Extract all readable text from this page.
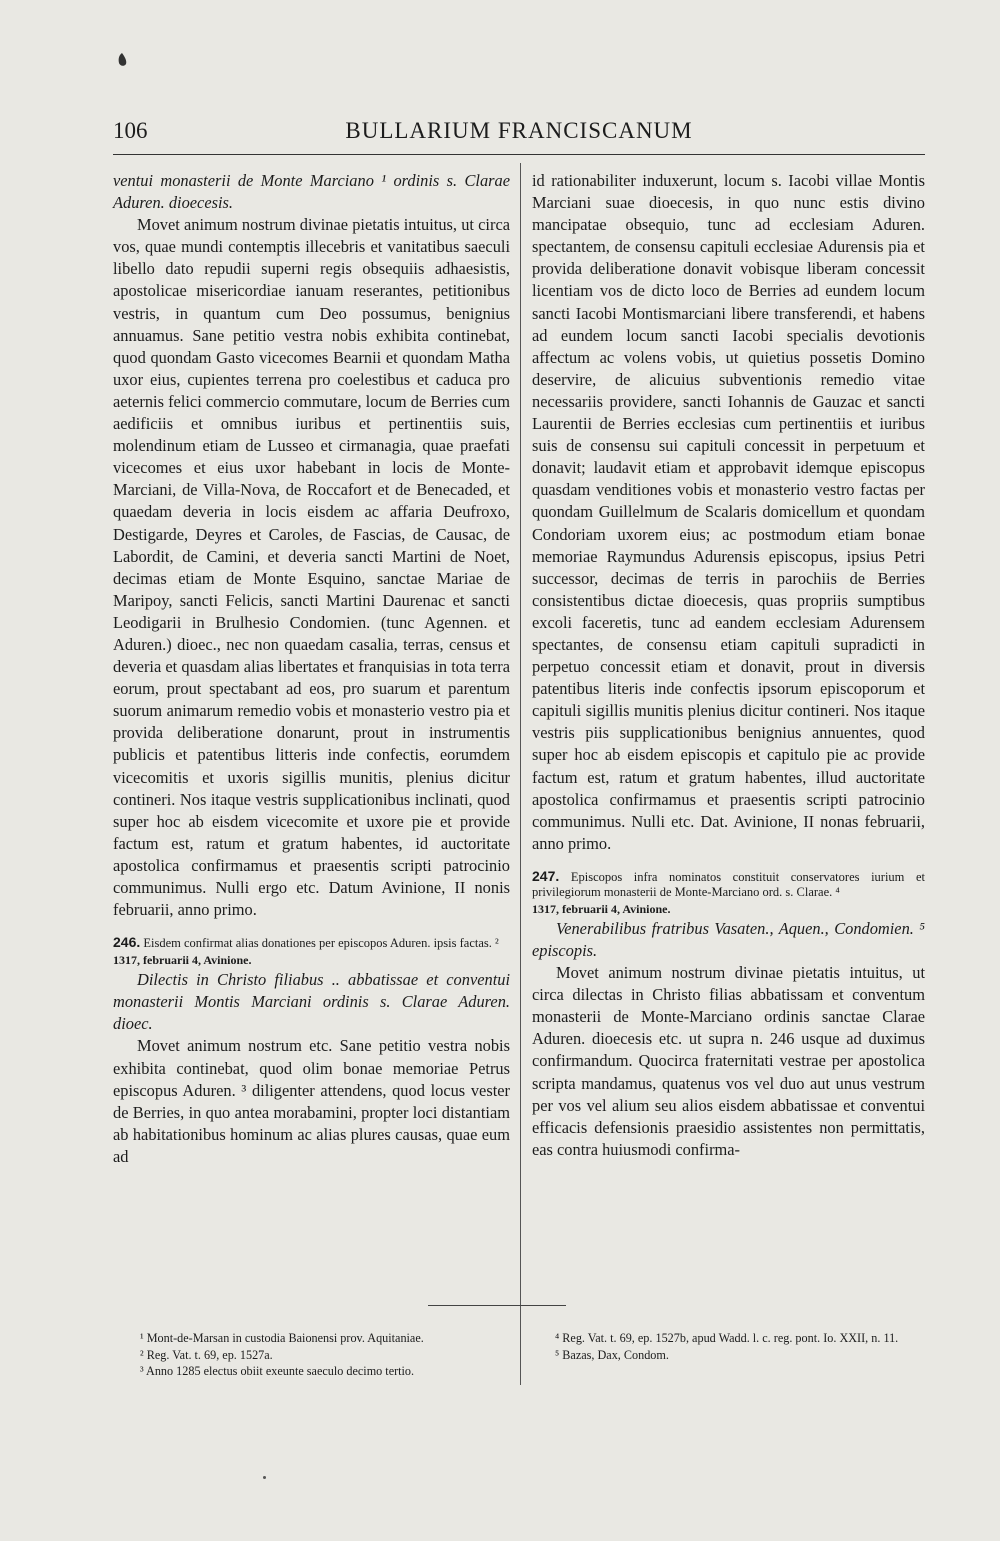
106	BULLARIUM FRANCISCANUM

ventui monasterii de Monte Marciano ¹ ordinis s. Clarae Aduren. dioecesis.

Movet animum nostrum divinae pietatis intuitus, ut circa vos, quae mundi contemptis illecebris et vanitatibus saeculi libello dato repudii superni regis obsequiis adhaesistis, apostolicae misericordiae ianuam reserantes, petitionibus vestris, in quantum cum Deo possumus, benignius annuamus. Sane petitio vestra nobis exhibita continebat, quod quondam Gasto vicecomes Bearnii et quondam Matha uxor eius, cupientes terrena pro coelestibus et caduca pro aeternis felici commercio commutare, locum de Berries cum aedificiis et omnibus iuribus et pertinentiis suis, molendinum etiam de Lusseo et cirmanagia, quae praefati vicecomes et eius uxor habebant in locis de Monte-Marciani, de Villa-Nova, de Roccafort et de Benecaded, et quaedam deveria in locis eisdem ac affaria Deufroxo, Destigarde, Deyres et Caroles, de Fascias, de Causac, de Labordit, de Camini, et deveria sancti Martini de Noet, decimas etiam de Monte Esquino, sanctae Mariae de Maripoy, sancti Felicis, sancti Martini Daurenac et sancti Leodigarii in Brulhesio Condomien. (tunc Agennen. et Aduren.) dioec., nec non quaedam casalia, terras, census et deveria et quasdam alias libertates et franquisias in tota terra eorum, prout spectabant ad eos, pro suarum et parentum suorum animarum remedio vobis et monasterio vestro pia et provida deliberatione donarunt, prout in instrumentis publicis et patentibus litteris inde confectis, eorumdem vicecomitis et uxoris sigillis munitis, plenius dicitur contineri. Nos itaque vestris supplicationibus inclinati, quod super hoc ab eisdem vicecomite et uxore pie et provide factum est, ratum et gratum habentes, id auctoritate apostolica confirmamus et praesentis scripti patrocinio communimus. Nulli ergo etc. Datum Avinione, II nonis februarii, anno primo.

246. Eisdem confirmat alias donationes per episcopos Aduren. ipsis factas. ²

1317, februarii 4, Avinione.

Dilectis in Christo filiabus .. abbatissae et conventui monasterii Montis Marciani ordinis s. Clarae Aduren. dioec.

Movet animum nostrum etc. Sane petitio vestra nobis exhibita continebat, quod olim bonae memoriae Petrus episcopus Aduren. ³ diligenter attendens, quod locus vester de Berries, in quo antea morabamini, propter loci distantiam ab habitationibus hominum ac alias plures causas, quae eum ad

id rationabiliter induxerunt, locum s. Iacobi villae Montis Marciani suae dioecesis, in quo nunc estis divino mancipatae obsequio, tunc ad ecclesiam Aduren. spectantem, de consensu capituli ecclesiae Adurensis pia et provida deliberatione donavit vobisque liberam concessit licentiam vos de dicto loco de Berries ad eundem locum sancti Iacobi Montismarciani libere transferendi, et habens ad eundem locum sancti Iacobi specialis devotionis affectum ac volens vobis, ut quietius possetis Domino deservire, de alicuius subventionis remedio vitae necessariis providere, sancti Iohannis de Gauzac et sancti Laurentii de Berries ecclesias cum pertinentiis et iuribus suis de consensu sui capituli concessit in perpetuum et donavit; laudavit etiam et approbavit idemque episcopus quasdam venditiones vobis et monasterio vestro factas per quondam Guillelmum de Scalaris domicellum et quondam Condoriam uxorem eius; ac postmodum etiam bonae memoriae Raymundus Adurensis episcopus, ipsius Petri successor, decimas de terris in parochiis de Berries consistentibus dictae dioecesis, quas propriis sumptibus excoli faceretis, tunc ad eandem ecclesiam Adurensem spectantes, de consensu etiam capituli supradicti in perpetuo concessit etiam et donavit, prout in diversis patentibus literis inde confectis ipsorum episcoporum et capituli sigillis munitis plenius dicitur contineri. Nos itaque vestris piis supplicationibus benignius annuentes, quod super hoc ab eisdem episcopis et capitulo pie ac provide factum est, ratum et gratum habentes, illud auctoritate apostolica confirmamus et praesentis scripti patrocinio communimus. Nulli etc. Dat. Avinione, II nonas februarii, anno primo.

247. Episcopos infra nominatos constituit conservatores iurium et privilegiorum monasterii de Monte-Marciano ord. s. Clarae. ⁴

1317, februarii 4, Avinione.

Venerabilibus fratribus Vasaten., Aquen., Condomien. ⁵ episcopis.

Movet animum nostrum divinae pietatis intuitus, ut circa dilectas in Christo filias abbatissam et conventum monasterii de Monte-Marciano ordinis sanctae Clarae Aduren. dioecesis etc. ut supra n. 246 usque ad duximus confirmandum. Quocirca fraternitati vestrae per apostolica scripta mandamus, quatenus vos vel duo aut unus vestrum per vos vel alium seu alios eisdem abbatissae et conventui efficacis defensionis praesidio assistentes non permittatis, eas contra huiusmodi confirma-

¹ Mont-de-Marsan in custodia Baionensi prov. Aquitaniae.

² Reg. Vat. t. 69, ep. 1527a.

³ Anno 1285 electus obiit exeunte saeculo decimo tertio.

⁴ Reg. Vat. t. 69, ep. 1527b, apud Wadd. l. c. reg. pont. Io. XXII, n. 11.

⁵ Bazas, Dax, Condom.
